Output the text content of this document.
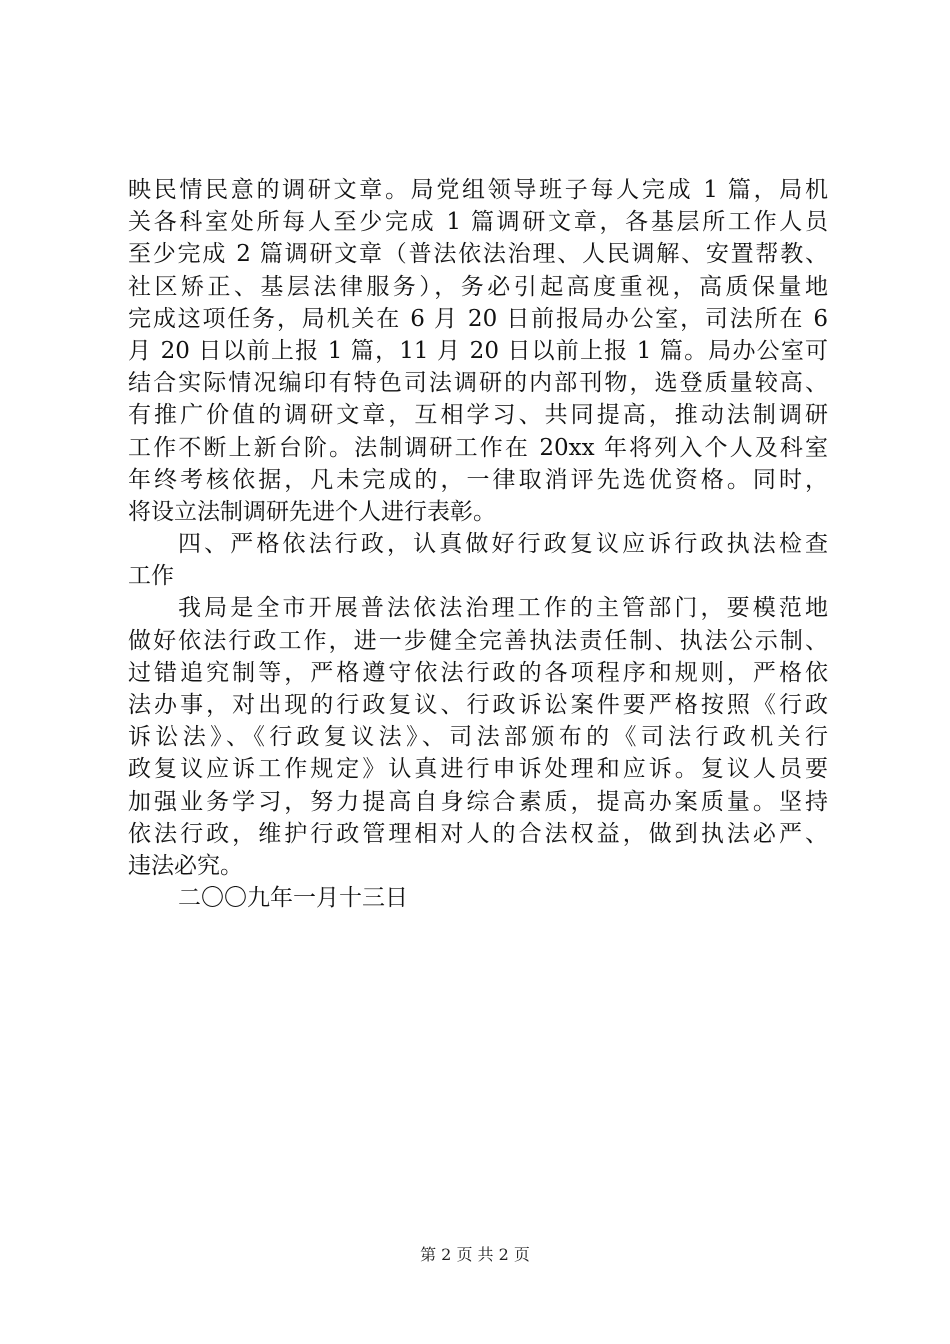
映民情民意的调研文章。局党组领导班子每人完成 1 篇，局机
关各科室处所每人至少完成 1 篇调研文章，各基层所工作人员
至少完成 2 篇调研文章（普法依法治理、人民调解、安置帮教、
社区矫正、基层法律服务），务必引起高度重视，高质保量地
完成这项任务，局机关在 6 月 20 日前报局办公室，司法所在 6
月 20 日以前上报 1 篇，11 月 20 日以前上报 1 篇。局办公室可
结合实际情况编印有特色司法调研的内部刊物，选登质量较高、
有推广价值的调研文章，互相学习、共同提高，推动法制调研
工作不断上新台阶。法制调研工作在 20xx 年将列入个人及科室
年终考核依据，凡未完成的，一律取消评先选优资格。同时，
将设立法制调研先进个人进行表彰。
四、严格依法行政，认真做好行政复议应诉行政执法检查
工作
我局是全市开展普法依法治理工作的主管部门，要模范地
做好依法行政工作，进一步健全完善执法责任制、执法公示制、
过错追究制等，严格遵守依法行政的各项程序和规则，严格依
法办事，对出现的行政复议、行政诉讼案件要严格按照《行政
诉讼法》、《行政复议法》、司法部颁布的《司法行政机关行
政复议应诉工作规定》认真进行申诉处理和应诉。复议人员要
加强业务学习，努力提高自身综合素质，提高办案质量。坚持
依法行政，维护行政管理相对人的合法权益，做到执法必严、
违法必究。
二〇〇九年一月十三日
第 2 页 共 2 页
